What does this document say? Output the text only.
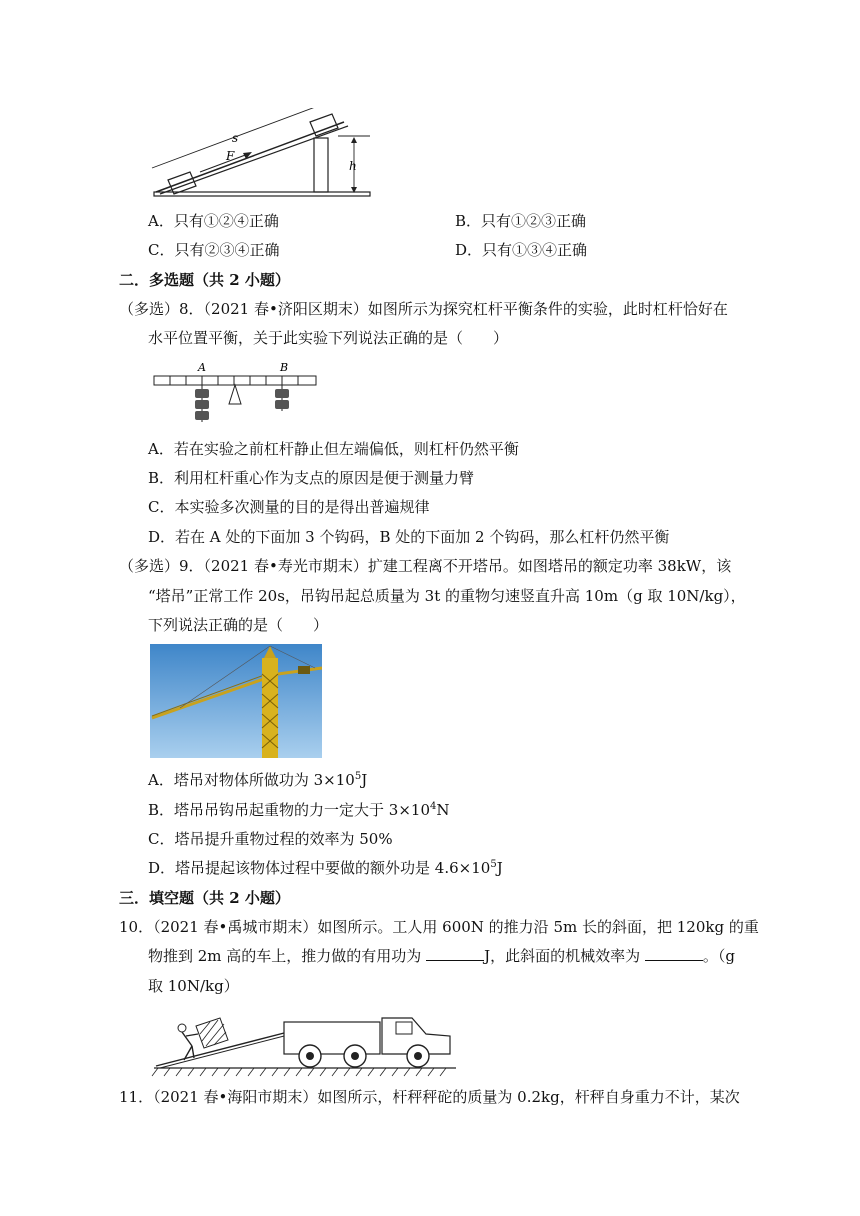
s
F
h
A．只有①②④正确	B．只有①②③正确
C．只有②③④正确	D．只有①③④正确
二．多选题（共 2 小题）
（多选）8．（2021 春•济阳区期末）如图所示为探究杠杆平衡条件的实验，此时杠杆恰好在
水平位置平衡，关于此实验下列说法正确的是（　　）
A	B
A．若在实验之前杠杆静止但左端偏低，则杠杆仍然平衡
B．利用杠杆重心作为支点的原因是便于测量力臂
C．本实验多次测量的目的是得出普遍规律
D．若在 A 处的下面加 3 个钩码，B 处的下面加 2 个钩码，那么杠杆仍然平衡
（多选）9．（2021 春•寿光市期末）扩建工程离不开塔吊。如图塔吊的额定功率 38kW，该
“塔吊”正常工作 20s，吊钩吊起总质量为 3t 的重物匀速竖直升高 10m（g 取 10N/kg），
下列说法正确的是（　　）
A．塔吊对物体所做功为 $3\times 10^5J$
B．塔吊吊钩吊起重物的力一定大于 $3\times 10^4N$
C．塔吊提升重物过程的效率为 50%
D．塔吊提起该物体过程中要做的额外功是 $4.6\times 10^5J$
三．填空题（共 2 小题）
10．（2021 春•禹城市期末）如图所示。工人用 600N 的推力沿 5m 长的斜面，把 120kg 的重
物推到 2m 高的车上，推力做的有用功为	J，此斜面的机械效率为	。（g
取 10N/kg）
11．（2021 春•海阳市期末）如图所示，杆秤秤砣的质量为 0.2kg，杆秤自身重力不计，某次
